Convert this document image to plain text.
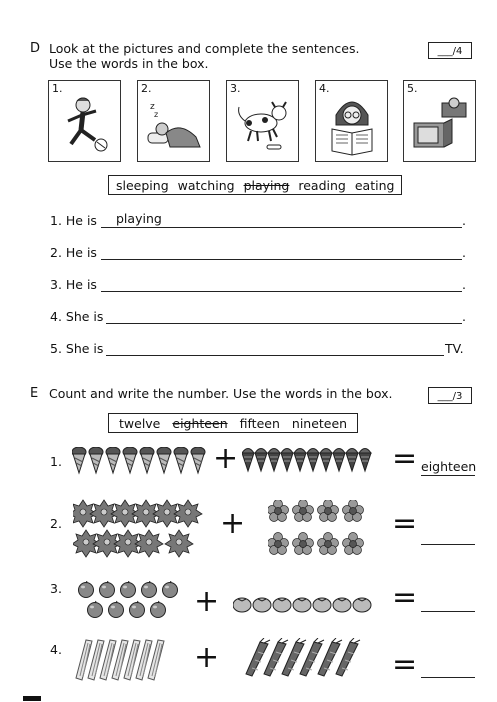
D Look at the pictures and complete the sentences.
Use the words in the box.
___/4
1.	2.
z
z
3.	4.	5.
sleeping watching playing reading eating
1. He is playing	.
2. He is	.
3. He is	.
4. She is	.
5. She is	TV.
E Count and write the number. Use the words in the box.	___/3
twelve eighteen fifteen nineteen
1.	+	= eighteen
2.	+	=
3.	+	=
4.	+	=
